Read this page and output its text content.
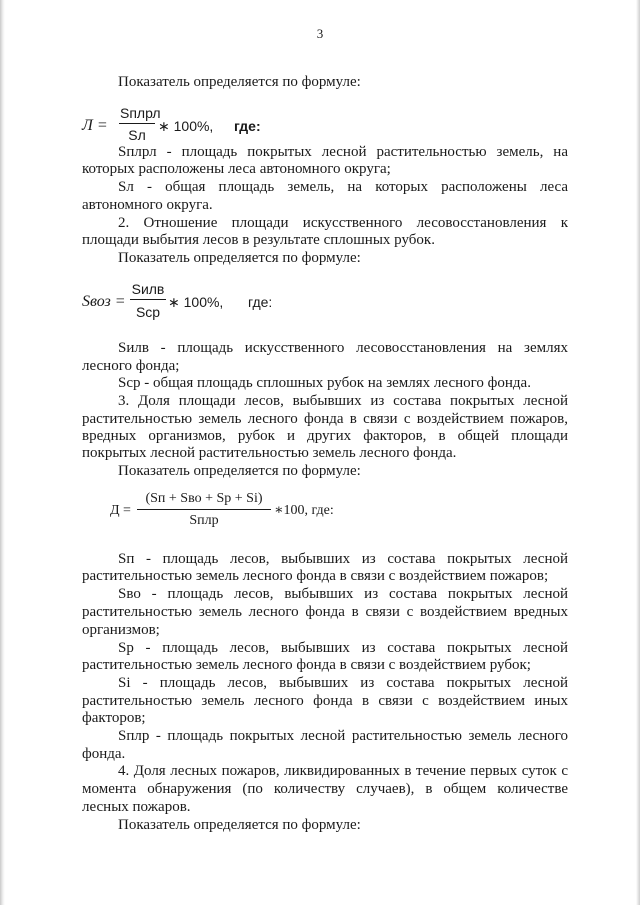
3
Показатель определяется по формуле:
Л =
Sплрл
Sл
∗ 100%, где:
Sплрл - площадь покрытых лесной растительностью земель, на
которых расположены леса автономного округа;
Sл - общая площадь земель, на которых расположены леса
автономного округа.
2. Отношение площади искусственного лесовосстановления к
площади выбытия лесов в результате сплошных рубок.
Показатель определяется по формуле:
Sвоз =
Sилв
Sср
∗ 100%, где:
Sилв - площадь искусственного лесовосстановления на землях
лесного фонда;
Sср - общая площадь сплошных рубок на землях лесного фонда.
3. Доля площади лесов, выбывших из состава покрытых лесной
растительностью земель лесного фонда в связи с воздействием пожаров,
вредных организмов, рубок и других факторов, в общей площади
покрытых лесной растительностью земель лесного фонда.
Показатель определяется по формуле:
Д =
(Sп + Sво + Sр + Si)
Sплр
∗100, где:
Sп - площадь лесов, выбывших из состава покрытых лесной
растительностью земель лесного фонда в связи с воздействием пожаров;
Sво - площадь лесов, выбывших из состава покрытых лесной
растительностью земель лесного фонда в связи с воздействием вредных
организмов;
Sр - площадь лесов, выбывших из состава покрытых лесной
растительностью земель лесного фонда в связи с воздействием рубок;
Si - площадь лесов, выбывших из состава покрытых лесной
растительностью земель лесного фонда в связи с воздействием иных
факторов;
Sплр - площадь покрытых лесной растительностью земель лесного
фонда.
4. Доля лесных пожаров, ликвидированных в течение первых суток с
момента обнаружения (по количеству случаев), в общем количестве
лесных пожаров.
Показатель определяется по формуле:
